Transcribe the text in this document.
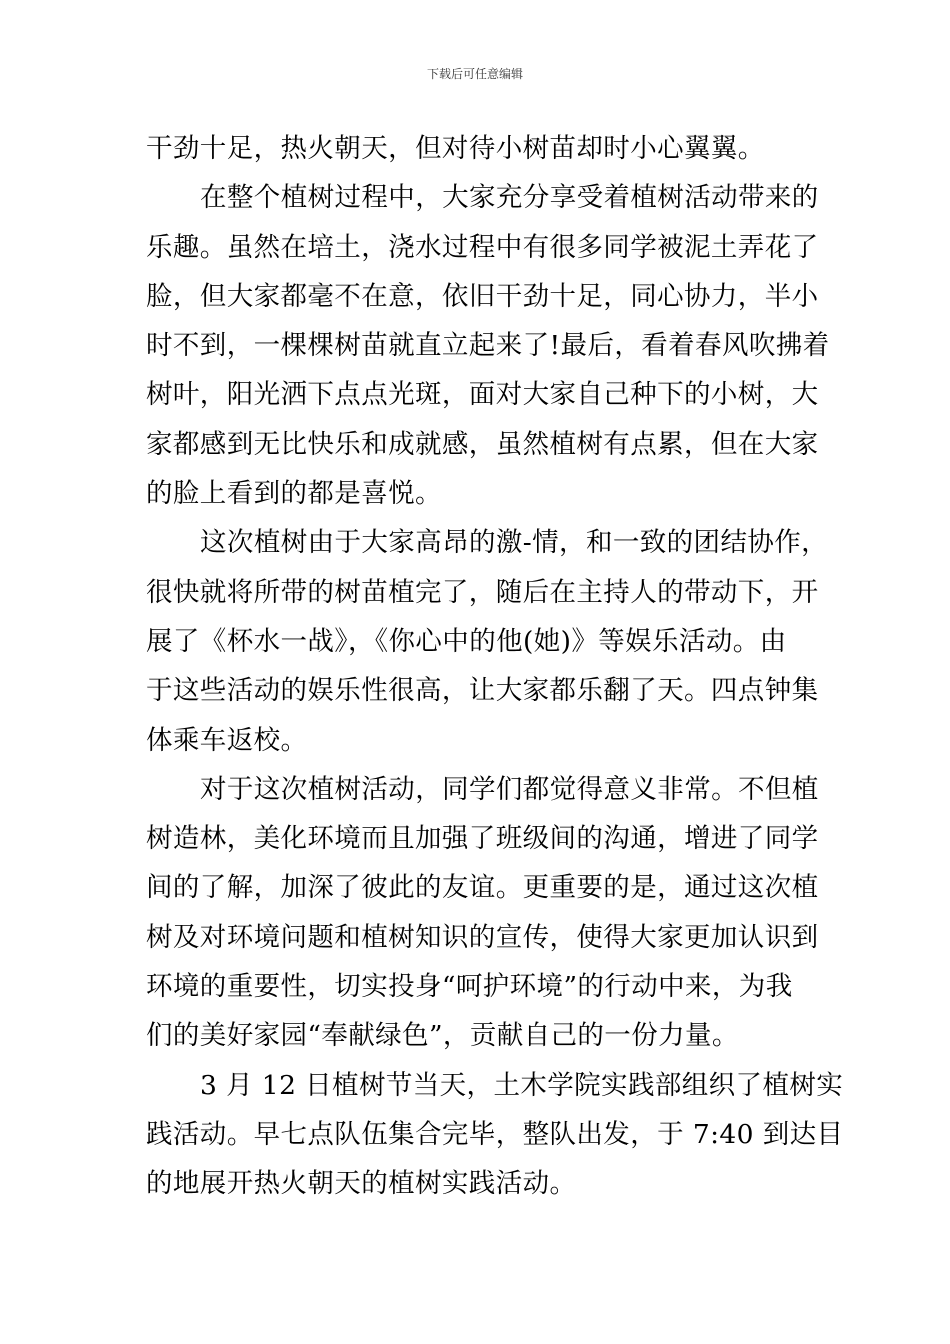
下载后可任意编辑
干劲十足，热火朝天，但对待小树苗却时小心翼翼。
在整个植树过程中，大家充分享受着植树活动带来的
乐趣。虽然在培土，浇水过程中有很多同学被泥土弄花了
脸，但大家都毫不在意，依旧干劲十足，同心协力，半小
时不到，一棵棵树苗就直立起来了!最后，看着春风吹拂着
树叶，阳光洒下点点光斑，面对大家自己种下的小树，大
家都感到无比快乐和成就感，虽然植树有点累，但在大家
的脸上看到的都是喜悦。
这次植树由于大家高昂的激-情，和一致的团结协作，
很快就将所带的树苗植完了，随后在主持人的带动下，开
展了《杯水一战》，《你心中的他(她)》等娱乐活动。由
于这些活动的娱乐性很高，让大家都乐翻了天。四点钟集
体乘车返校。
对于这次植树活动，同学们都觉得意义非常。不但植
树造林，美化环境而且加强了班级间的沟通，增进了同学
间的了解，加深了彼此的友谊。更重要的是，通过这次植
树及对环境问题和植树知识的宣传，使得大家更加认识到
环境的重要性，切实投身“呵护环境”的行动中来，为我
们的美好家园“奉献绿色”，贡献自己的一份力量。
3 月 12 日植树节当天，土木学院实践部组织了植树实
践活动。早七点队伍集合完毕，整队出发，于 7:40 到达目
的地展开热火朝天的植树实践活动。
